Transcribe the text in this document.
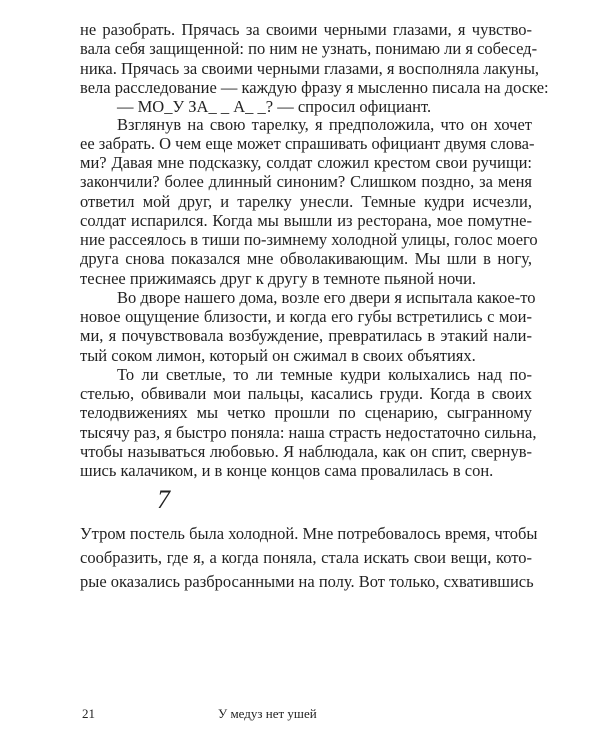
не разобрать. Прячась за своими черными глазами, я чувство-
вала себя защищенной: по ним не узнать, понимаю ли я собесед-
ника. Прячась за своими черными глазами, я восполняла лакуны,
вела расследование — каждую фразу я мысленно писала на доске:
— МО_У ЗА_ _ А_ _? — спросил официант.
Взглянув на свою тарелку, я предположила, что он хочет
ее забрать. О чем еще может спрашивать официант двумя слова-
ми? Давая мне подсказку, солдат сложил крестом свои ручищи:
закончили? более длинный синоним? Слишком поздно, за меня
ответил мой друг, и тарелку унесли. Темные кудри исчезли,
солдат испарился. Когда мы вышли из ресторана, мое помутне-
ние рассеялось в тиши по-зимнему холодной улицы, голос моего
друга снова показался мне обволакивающим. Мы шли в ногу,
теснее прижимаясь друг к другу в темноте пьяной ночи.
Во дворе нашего дома, возле его двери я испытала какое-то
новое ощущение близости, и когда его губы встретились с мои-
ми, я почувствовала возбуждение, превратилась в этакий нали-
тый соком лимон, который он сжимал в своих объятиях.
То ли светлые, то ли темные кудри колыхались над по-
стелью, обвивали мои пальцы, касались груди. Когда в своих
телодвижениях мы четко прошли по сценарию, сыгранному
тысячу раз, я быстро поняла: наша страсть недостаточно сильна,
чтобы называться любовью. Я наблюдала, как он спит, свернув-
шись калачиком, и в конце концов сама провалилась в сон.
7
Утром постель была холодной. Мне потребовалось время, чтобы
сообразить, где я, а когда поняла, стала искать свои вещи, кото-
рые оказались разбросанными на полу. Вот только, схватившись
21	У медуз нет ушей
